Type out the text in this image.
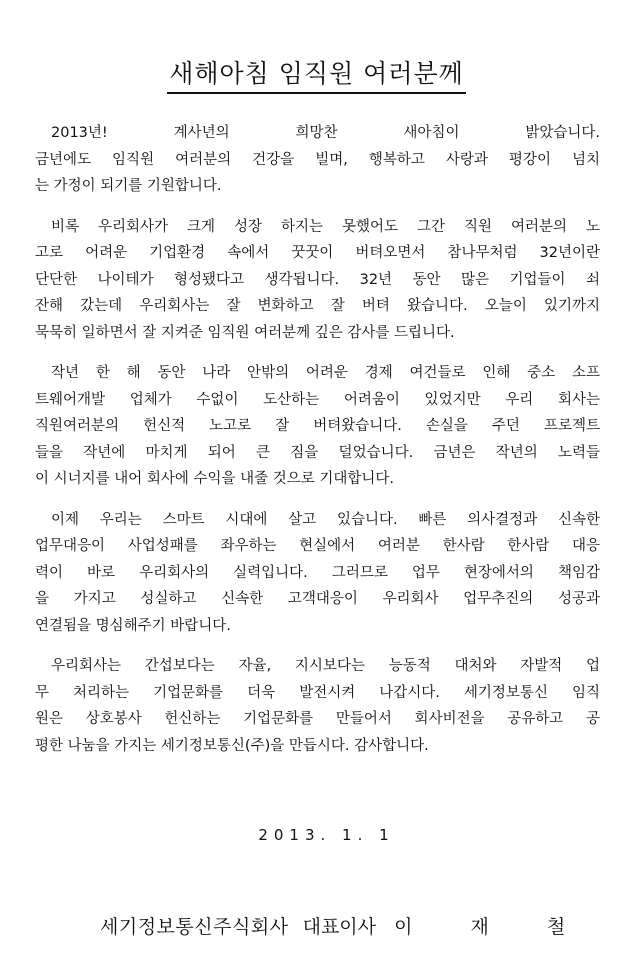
새해아침 임직원 여러분께
2013년! 계사년의 희망찬 새아침이 밝았습니다.
금년에도 임직원 여러분의 건강을 빌며, 행복하고 사랑과 평강이 넘치
는 가정이 되기를 기원합니다.
비록 우리회사가 크게 성장 하지는 못했어도 그간 직원 여러분의 노
고로 어려운 기업환경 속에서 꿋꿋이 버텨오면서 참나무처럼 32년이란
단단한 나이테가 형성됐다고 생각됩니다. 32년 동안 많은 기업들이 쇠
잔해 갔는데 우리회사는 잘 변화하고 잘 버텨 왔습니다. 오늘이 있기까지
묵묵히 일하면서 잘 지켜준 임직원 여러분께 깊은 감사를 드립니다.
작년 한 해 동안 나라 안밖의 어려운 경제 여건들로 인해 중소 소프
트웨어개발 업체가 수없이 도산하는 어려움이 있었지만 우리 회사는
직원여러분의 헌신적 노고로 잘 버텨왔습니다. 손실을 주던 프로젝트
들을 작년에 마치게 되어 큰 짐을 덜었습니다. 금년은 작년의 노력들
이 시너지를 내어 회사에 수익을 내줄 것으로 기대합니다.
이제 우리는 스마트 시대에 살고 있습니다. 빠른 의사결정과 신속한
업무대응이 사업성패를 좌우하는 현실에서 여러분 한사람 한사람 대응
력이 바로 우리회사의 실력입니다. 그러므로 업무 현장에서의 책임감
을 가지고 성실하고 신속한 고객대응이 우리회사 업무추진의 성공과
연결됨을 명심해주기 바랍니다.
우리회사는 간섭보다는 자율, 지시보다는 능동적 대처와 자발적 업
무 처리하는 기업문화를 더욱 발전시켜 나갑시다. 세기정보통신 임직
원은 상호봉사 헌신하는 기업문화를 만들어서 회사비전을 공유하고 공
평한 나눔을 가지는 세기정보통신(주)을 만듭시다. 감사합니다.
2013. 1. 1
세기정보통신주식회사 대표이사 이 재 철
